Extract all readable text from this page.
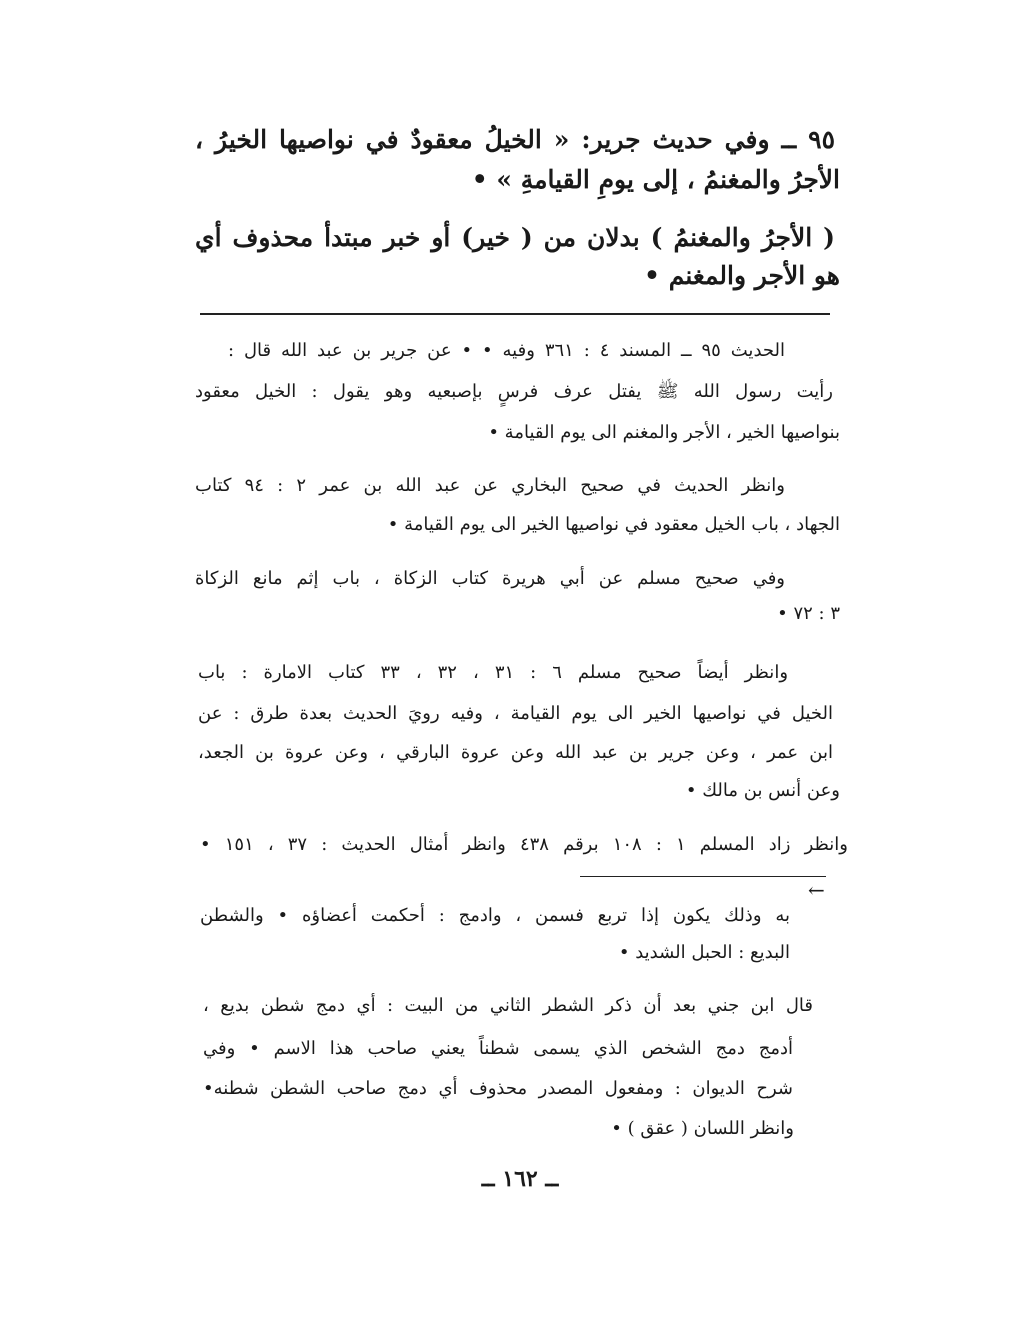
٩٥ ــ وفي حديث جرير: « الخيلُ معقودٌ في نواصيها الخيرُ ،
الأجرُ والمغنمُ ، إلى يومِ القيامةِ » •
( الأجرُ والمغنمُ ) بدلان من ( خير) أو خبر مبتدأ محذوف أي
هو الأجر والمغنم •
الحديث ٩٥ ــ المسند ٤ : ٣٦١ وفيه • • عن جرير بن عبد الله قال :
رأيت رسول الله ﷺ يفتل عرف فرسٍ بإصبعيه وهو يقول : الخيل معقود
بنواصيها الخير ، الأجر والمغنم الى يوم القيامة •
وانظر الحديث في صحيح البخاري عن عبد الله بن عمر ٢ : ٩٤ كتاب
الجهاد ، باب الخيل معقود في نواصيها الخير الى يوم القيامة •
وفي صحيح مسلم عن أبي هريرة كتاب الزكاة ، باب إثم مانع الزكاة
٣ : ٧٢ •
وانظر أيضاً صحيح مسلم ٦ : ٣١ ، ٣٢ ، ٣٣ كتاب الامارة : باب
الخيل في نواصيها الخير الى يوم القيامة ، وفيه رويَ الحديث بعدة طرق : عن
ابن عمر ، وعن جرير بن عبد الله وعن عروة البارقي ، وعن عروة بن الجعد،
وعن أنس بن مالك •
وانظر زاد المسلم ١ : ١٠٨ برقم ٤٣٨ وانظر أمثال الحديث : ٣٧ ، ١٥١ •
←
به وذلك يكون إذا تربع فسمن ، وادمج : أحكمت أعضاؤه • والشطن
البديع : الحبل الشديد •
قال ابن جني بعد أن ذكر الشطر الثاني من البيت : أي دمج شطن بديع ،
أدمج دمج الشخص الذي يسمى شطناً يعني صاحب هذا الاسم • وفي
شرح الديوان : ومفعول المصدر محذوف أي دمج صاحب الشطن شطنه•
وانظر اللسان ( عقق ) •
ــ ١٦٢ ــ
